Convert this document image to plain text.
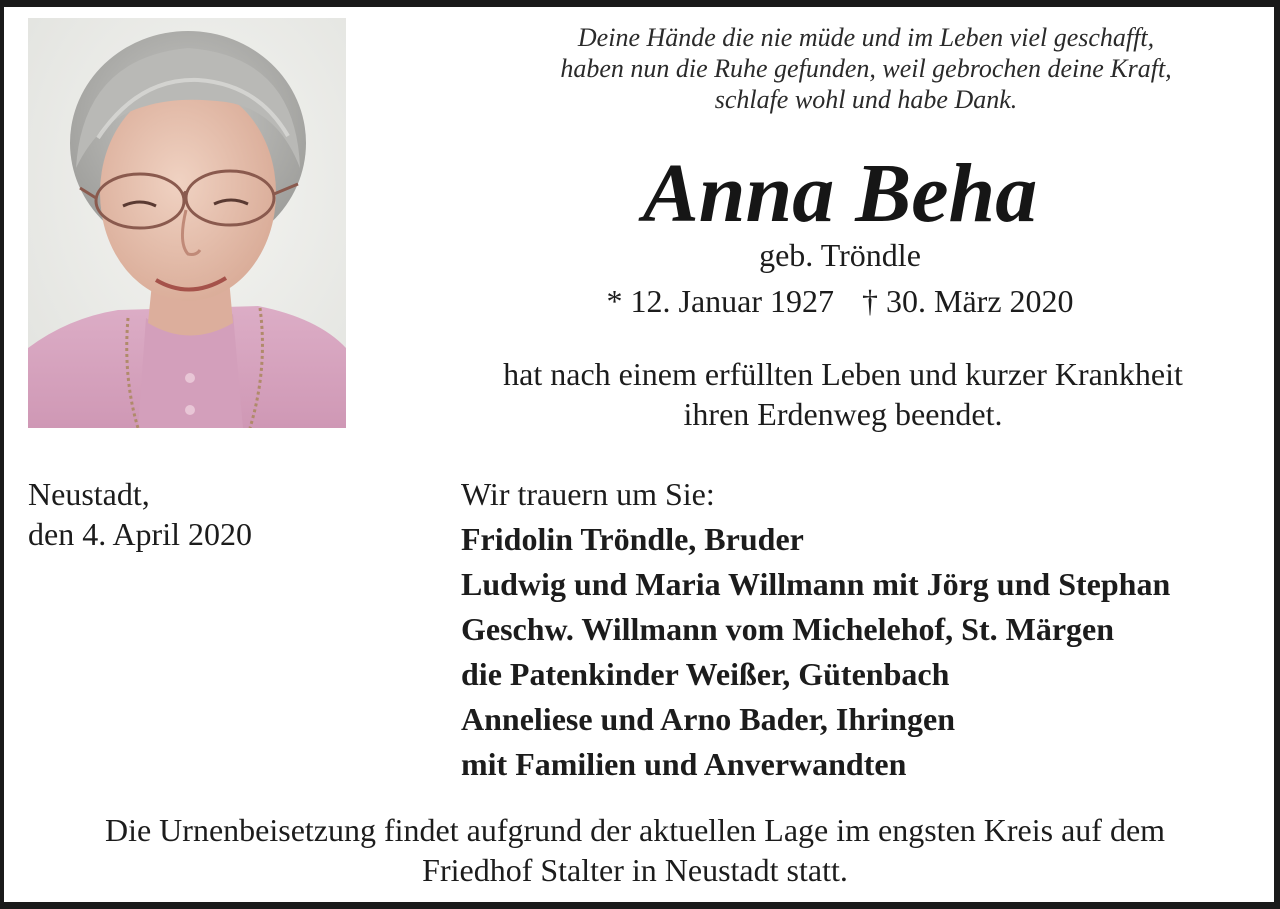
Deine Hände die nie müde und im Leben viel geschafft,
haben nun die Ruhe gefunden, weil gebrochen deine Kraft,
schlafe wohl und habe Dank.
Anna Beha
geb. Tröndle
* 12. Januar 1927 † 30. März 2020
hat nach einem erfüllten Leben und kurzer Krankheit
ihren Erdenweg beendet.
Neustadt,
den 4. April 2020
Wir trauern um Sie:
Fridolin Tröndle, Bruder
Ludwig und Maria Willmann mit Jörg und Stephan
Geschw. Willmann vom Michelehof, St. Märgen
die Patenkinder Weißer, Gütenbach
Anneliese und Arno Bader, Ihringen
mit Familien und Anverwandten
Die Urnenbeisetzung findet aufgrund der aktuellen Lage im engsten Kreis auf dem
Friedhof Stalter in Neustadt statt.
